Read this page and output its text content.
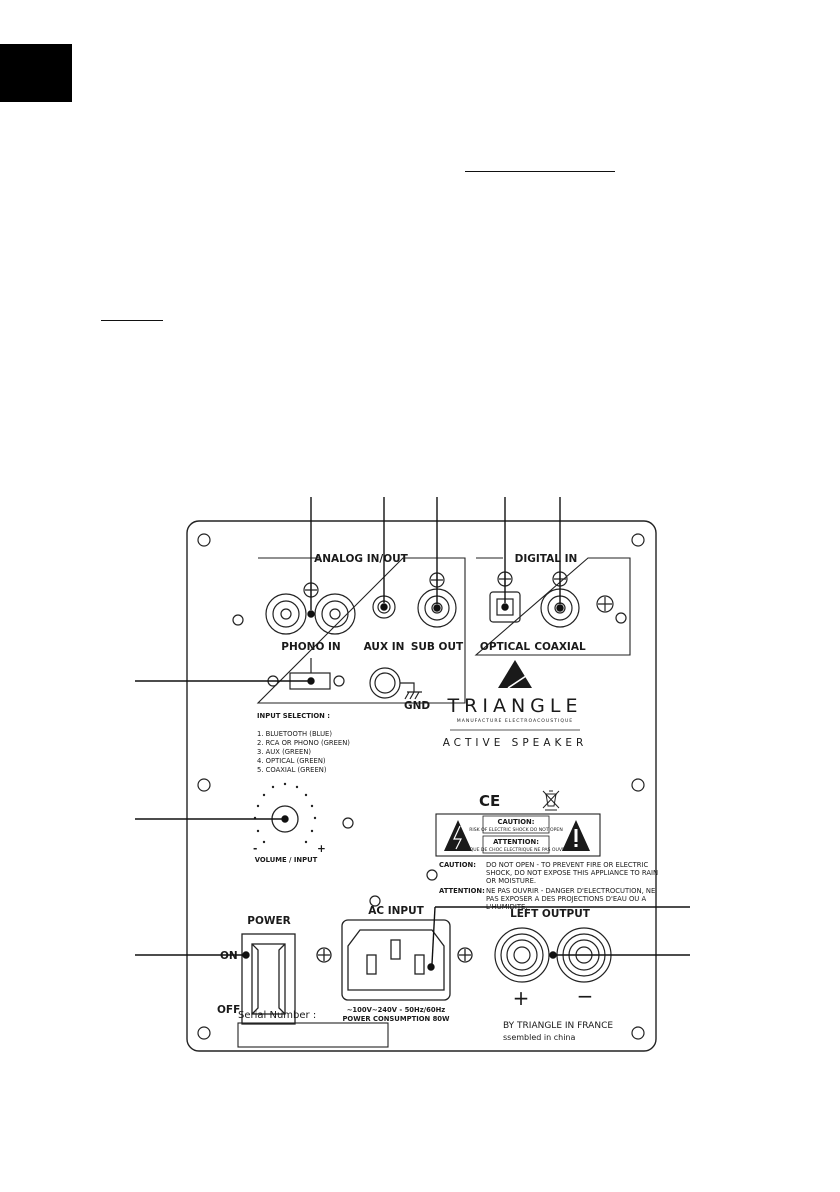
ANALOG IN/OUT	DIGITAL IN
PHONO IN AUX IN SUB OUT OPTICAL COAXIAL
GND TRIANGLE
MANUFACTURE ELECTROACOUSTIQUE
ACTIVE SPEAKER
INPUT SELECTION :
1. BLUETOOTH (BLUE)
2. RCA OR PHONO (GREEN)
3. AUX (GREEN)
4. OPTICAL (GREEN)
5. COAXIAL (GREEN)
-	+
VOLUME / INPUT
CE
CAUTION:
RISK OF ELECTRIC SHOCK DO NOT OPEN
ATTENTION:
RISQUE DE CHOC ELECTRIQUE NE PAS OUVRIR
CAUTION: DO NOT OPEN - TO PREVENT FIRE OR ELECTRIC
SHOCK, DO NOT EXPOSE THIS APPLIANCE TO RAIN
OR MOISTURE.
ATTENTION: NE PAS OUVRIR - DANGER D'ELECTROCUTION, NE
PAS EXPOSER A DES PROJECTIONS D'EAU OU A
L'HUMIDITE.
POWER
ON
OFF
AC INPUT
~100V~240V - 50Hz/60Hz
POWER CONSUMPTION 80W
LEFT OUTPUT
+ −
Serial Number :
BY TRIANGLE IN FRANCE
ssembled in china
